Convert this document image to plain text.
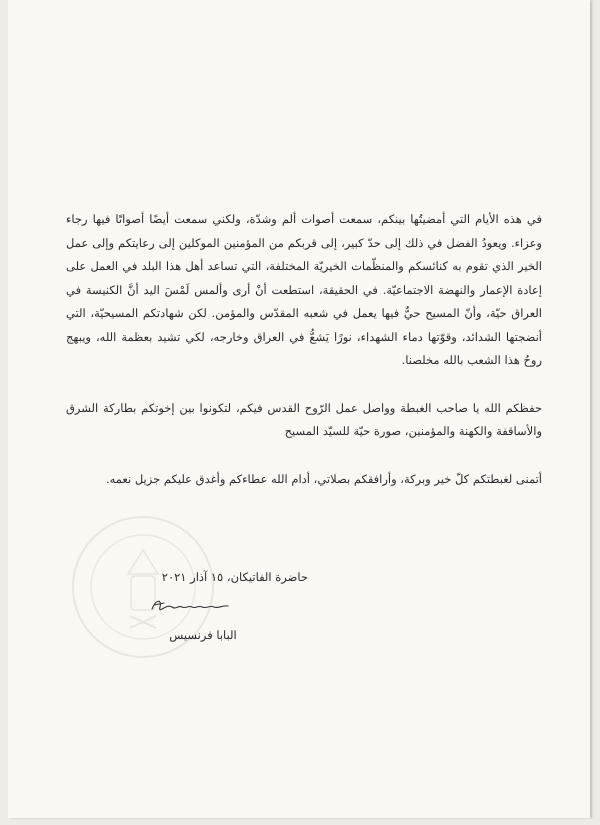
في هذه الأيام التي أمضيتُها بينكم، سمعت أصوات ألم وشدّة، ولكني سمعت أيضًا أصواتًا فيها رجاء وعزاء. ويعودُ الفضل في ذلك إلى حدّ كبير، إلى قربكم من المؤمنين الموكلين إلى رعايتكم وإلى عمل الخير الذي تقوم به كنائسكم والمنظّمات الخيريّة المختلفة، التي تساعد أهل هذا البلد في العمل على إعادة الإعمار والنهضة الاجتماعيّة. في الحقيقة، استطعت أنْ أرى وألمس لَمْسَ اليد أنَّ الكنيسة في العراق حيّة، وأنّ المسيح حيٌّ فيها يعمل في شعبه المقدّس والمؤمن. لكن شهادتكم المسيحيّة، التي أنضجتها الشدائد، وقوّتها دماء الشهداء، نورًا يَشعُّ في العراق وخارجه، لكي تشيد بعظمة الله، ويبهج روحُ هذا الشعب بالله مخلصنا.

حفظكم الله يا صاحب الغبطة وواصل عمل الرّوح القدس فيكم، لتكونوا بين إخوتكم بطاركة الشرق والأساقفة والكهنة والمؤمنين، صورة حيّة للسيّد المسيح

أتمنى لغبطتكم كلّ خير وبركة، وأرافقكم بصلاتي، أدام الله عطاءكم وأغدق عليكم جزيل نعمه.

حاضرة الفاتيكان، ١٥ آذار ٢٠٢١
البابا فرنسيس
